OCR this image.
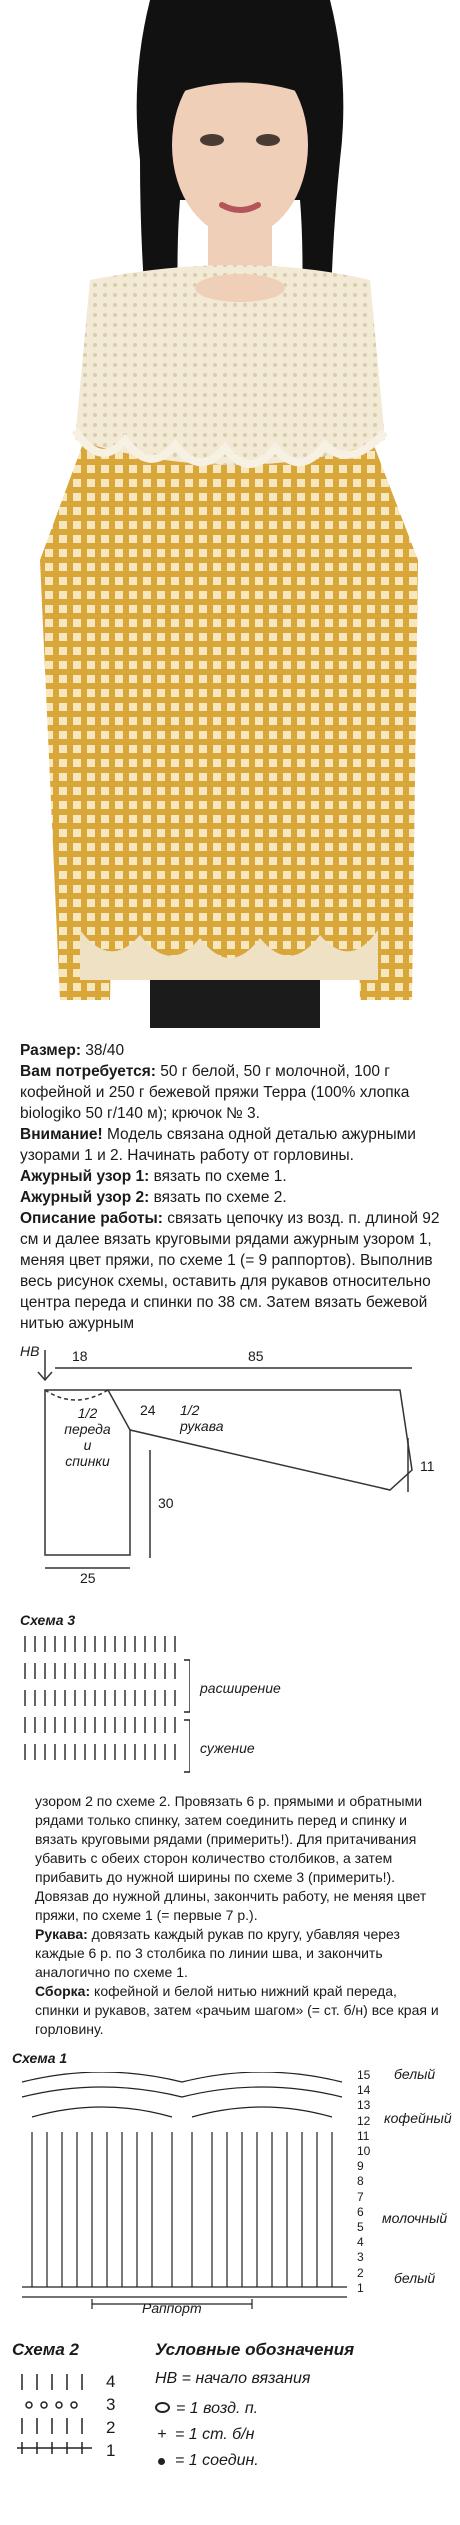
Размер: 38/40
Вам потребуется: 50 г белой, 50 г молочной, 100 г кофейной и 250 г бежевой пряжи Терра (100% хлопка biologiko 50 г/140 м); крючок № 3.
Внимание! Модель связана одной деталью ажурными узорами 1 и 2. Начинать работу от горловины.
Ажурный узор 1: вязать по схеме 1.
Ажурный узор 2: вязать по схеме 2.
Описание работы: связать цепочку из возд. п. длиной 92 см и далее вязать круговыми рядами ажурным узором 1, меняя цвет пряжи, по схеме 1 (= 9 раппортов). Выполнив весь рисунок схемы, оставить для рукавов относительно центра переда и спинки по 38 см. Затем вязать бежевой нитью ажурным
НВ 18	85
1/2 переда и спинки
24 1/2 рукава
11
30
25
Схема 3
расширение
сужение
узором 2 по схеме 2. Провязать 6 р. прямыми и обратными рядами только спинку, затем соединить перед и спинку и вязать круговыми рядами (примерить!). Для притачивания убавить с обеих сторон количество столбиков, а затем прибавить до нужной ширины по схеме 3 (примерить!). Довязав до нужной длины, закончить работу, не меняя цвет пряжи, по схеме 1 (= первые 7 р.).
Рукава: довязать каждый рукав по кругу, убавляя через каждые 6 р. по 3 столбика по линии шва, и закончить аналогично по схеме 1.
Сборка: кофейной и белой нитью нижний край переда, спинки и рукавов, затем «рачьим шагом» (= ст. б/н) все края и горловину.
Схема 1
Раппорт
15
14
13
12
11
10
9
8
7
6
5
4
3
2
1
белый
кофейный
молочный
белый
Схема 2
4
3
2
1
Условные обозначения
НВ = начало вязания
= 1 возд. п.
+ = 1 ст. б/н
= 1 соедин.
